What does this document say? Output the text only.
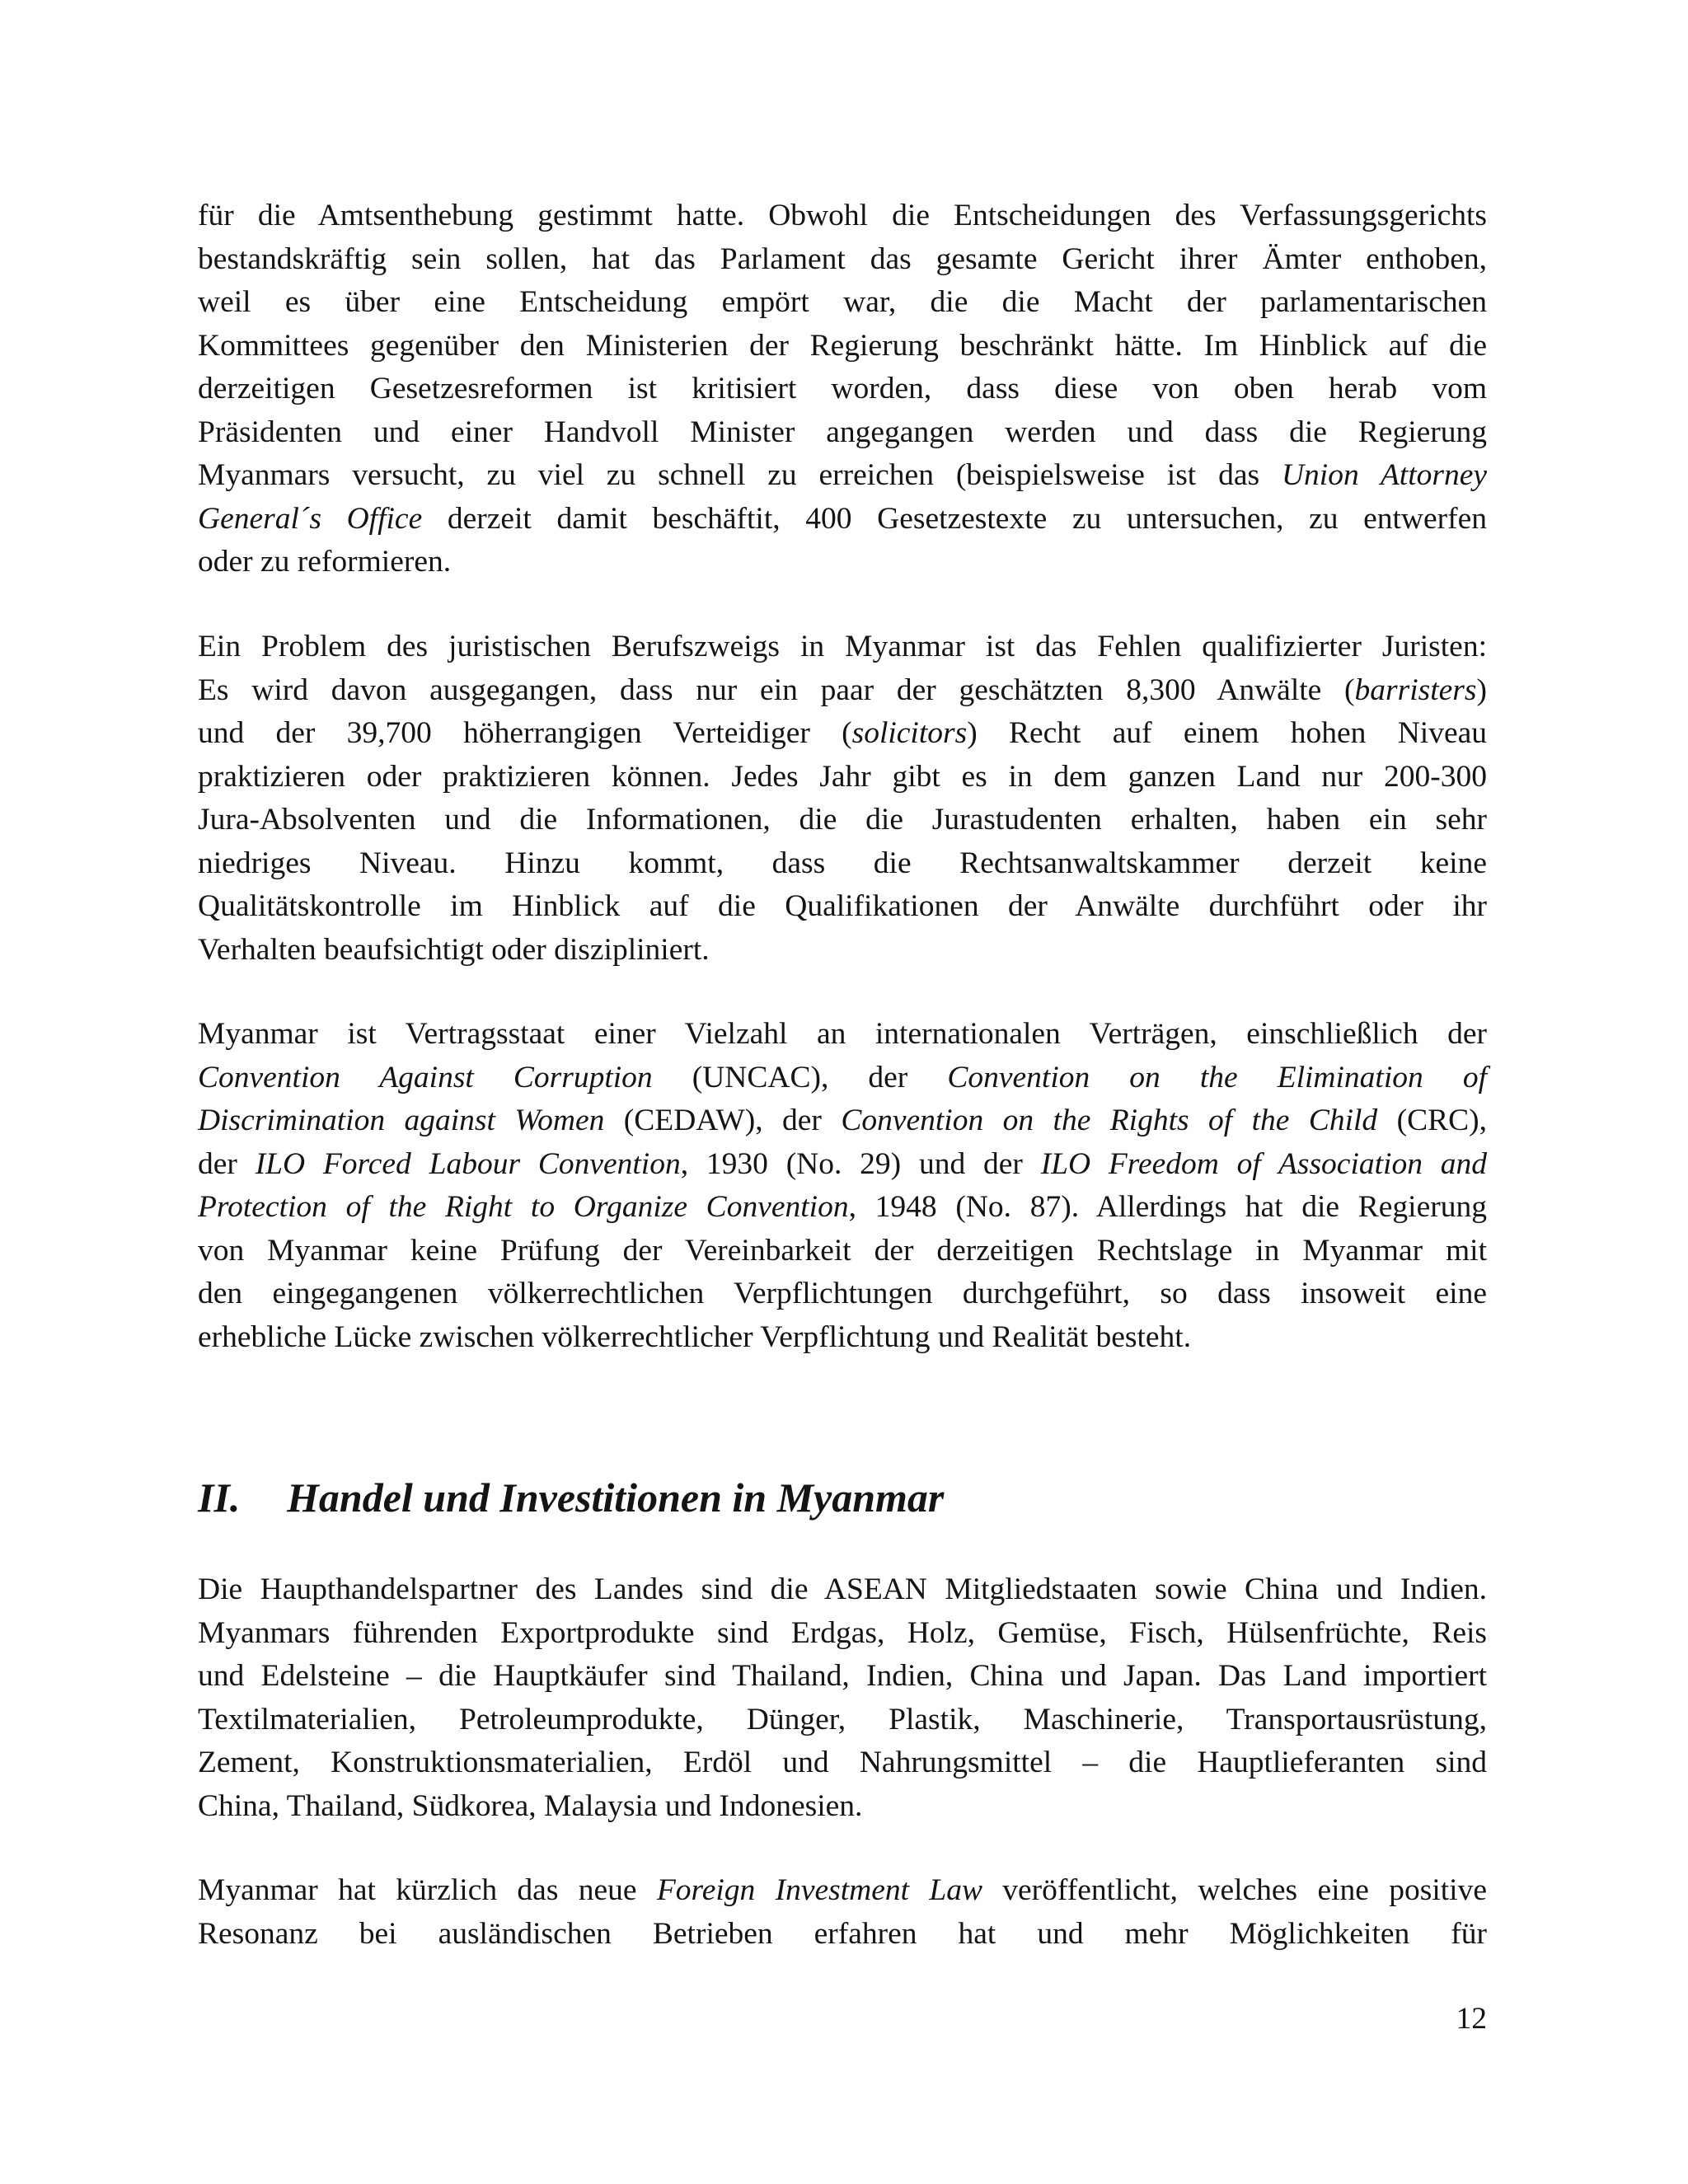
für die Amtsenthebung gestimmt hatte. Obwohl die Entscheidungen des Verfassungsgerichts
bestandskräftig sein sollen, hat das Parlament das gesamte Gericht ihrer Ämter enthoben,
weil es über eine Entscheidung empört war, die die Macht der parlamentarischen
Kommittees gegenüber den Ministerien der Regierung beschränkt hätte. Im Hinblick auf die
derzeitigen Gesetzesreformen ist kritisiert worden, dass diese von oben herab vom
Präsidenten und einer Handvoll Minister angegangen werden und dass die Regierung
Myanmars versucht, zu viel zu schnell zu erreichen (beispielsweise ist das Union Attorney
General´s Office derzeit damit beschäftit, 400 Gesetzestexte zu untersuchen, zu entwerfen
oder zu reformieren.
Ein Problem des juristischen Berufszweigs in Myanmar ist das Fehlen qualifizierter Juristen:
Es wird davon ausgegangen, dass nur ein paar der geschätzten 8,300 Anwälte (barristers)
und der 39,700 höherrangigen Verteidiger (solicitors) Recht auf einem hohen Niveau
praktizieren oder praktizieren können. Jedes Jahr gibt es in dem ganzen Land nur 200-300
Jura-Absolventen und die Informationen, die die Jurastudenten erhalten, haben ein sehr
niedriges Niveau. Hinzu kommt, dass die Rechtsanwaltskammer derzeit keine
Qualitätskontrolle im Hinblick auf die Qualifikationen der Anwälte durchführt oder ihr
Verhalten beaufsichtigt oder diszipliniert.
Myanmar ist Vertragsstaat einer Vielzahl an internationalen Verträgen, einschließlich der
Convention Against Corruption (UNCAC), der Convention on the Elimination of
Discrimination against Women (CEDAW), der Convention on the Rights of the Child (CRC),
der ILO Forced Labour Convention, 1930 (No. 29) und der ILO Freedom of Association and
Protection of the Right to Organize Convention, 1948 (No. 87). Allerdings hat die Regierung
von Myanmar keine Prüfung der Vereinbarkeit der derzeitigen Rechtslage in Myanmar mit
den eingegangenen völkerrechtlichen Verpflichtungen durchgeführt, so dass insoweit eine
erhebliche Lücke zwischen völkerrechtlicher Verpflichtung und Realität besteht.
II. Handel und Investitionen in Myanmar
Die Haupthandelspartner des Landes sind die ASEAN Mitgliedstaaten sowie China und Indien.
Myanmars führenden Exportprodukte sind Erdgas, Holz, Gemüse, Fisch, Hülsenfrüchte, Reis
und Edelsteine – die Hauptkäufer sind Thailand, Indien, China und Japan. Das Land importiert
Textilmaterialien, Petroleumprodukte, Dünger, Plastik, Maschinerie, Transportausrüstung,
Zement, Konstruktionsmaterialien, Erdöl und Nahrungsmittel – die Hauptlieferanten sind
China, Thailand, Südkorea, Malaysia und Indonesien.
Myanmar hat kürzlich das neue Foreign Investment Law veröffentlicht, welches eine positive
Resonanz bei ausländischen Betrieben erfahren hat und mehr Möglichkeiten für
12
